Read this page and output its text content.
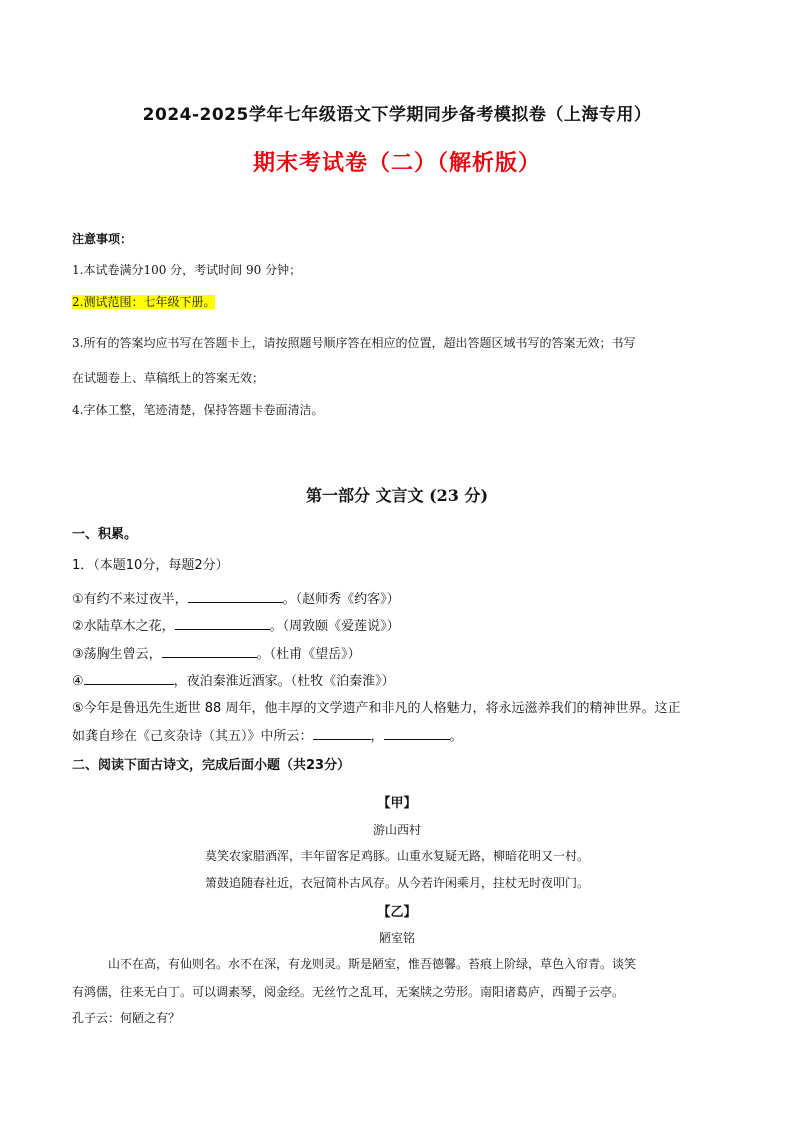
2024-2025学年七年级语文下学期同步备考模拟卷（上海专用）
期末考试卷（二）（解析版）
注意事项：
1.本试卷满分100 分，考试时间 90 分钟；
2.测试范围：七年级下册。
3.所有的答案均应书写在答题卡上，请按照题号顺序答在相应的位置，超出答题区域书写的答案无效；书写
在试题卷上、草稿纸上的答案无效；
4.字体工整，笔迹清楚，保持答题卡卷面清洁。
第一部分 文言文 (23 分)
一、积累。
1．（本题10分，每题2分）
①有约不来过夜半，	。（赵师秀《约客》）
②水陆草木之花，	。（周敦颐《爱莲说》）
③荡胸生曾云，	。（杜甫《望岳》）
④	，夜泊秦淮近酒家。（杜牧《泊秦淮》）
⑤今年是鲁迅先生逝世 88 周年，他丰厚的文学遗产和非凡的人格魅力，将永远滋养我们的精神世界。这正
如龚自珍在《己亥杂诗（其五）》中所云：	，	。
二、阅读下面古诗文，完成后面小题（共23分）
【甲】
游山西村
莫笑农家腊酒浑，丰年留客足鸡豚。山重水复疑无路，柳暗花明又一村。
箫鼓追随春社近，衣冠简朴古风存。从今若许闲乘月，拄杖无时夜叩门。
【乙】
陋室铭
山不在高，有仙则名。水不在深，有龙则灵。斯是陋室，惟吾德馨。苔痕上阶绿，草色入帘青。谈笑
有鸿儒，往来无白丁。可以调素琴，阅金经。无丝竹之乱耳，无案牍之劳形。南阳诸葛庐，西蜀子云亭。
孔子云：何陋之有？
